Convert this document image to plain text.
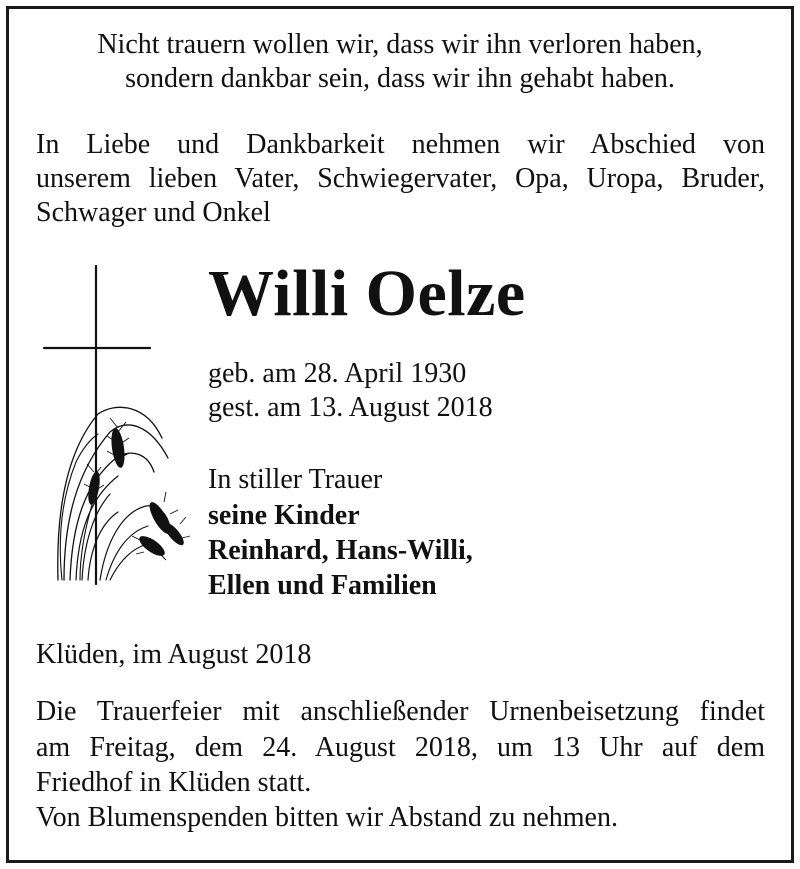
Nicht trauern wollen wir, dass wir ihn verloren haben,
sondern dankbar sein, dass wir ihn gehabt haben.
In Liebe und Dankbarkeit nehmen wir Abschied von
unserem lieben Vater, Schwiegervater, Opa, Uropa, Bruder,
Schwager und Onkel
Willi Oelze
geb. am 28. April 1930
gest. am 13. August 2018
In stiller Trauer
seine Kinder
Reinhard, Hans-Willi,
Ellen und Familien
Klüden, im August 2018
Die Trauerfeier mit anschließender Urnenbeisetzung findet
am Freitag, dem 24. August 2018, um 13 Uhr auf dem
Friedhof in Klüden statt.
Von Blumenspenden bitten wir Abstand zu nehmen.
